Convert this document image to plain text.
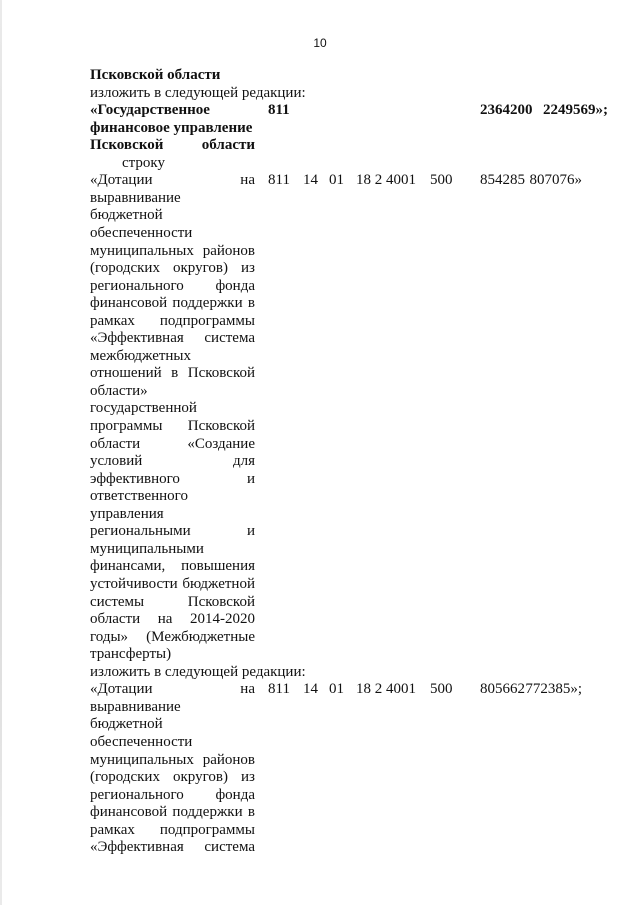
10
Псковской области
изложить в следующей редакции:
811	2364200 2249569»;
«Государственное
финансовое управление
Псковской области
строку
811 14 01 18 2 4001 500 854285 807076»
«Дотации на
выравнивание
бюджетной
обеспеченности
муниципальных районов
(городских округов) из
регионального фонда
финансовой поддержки в
рамках подпрограммы
«Эффективная система
межбюджетных
отношений в Псковской
области»
государственной
программы Псковской
области «Создание
условий для
эффективного и
ответственного
управления
региональными и
муниципальными
финансами, повышения
устойчивости бюджетной
системы Псковской
области на 2014-2020
годы» (Межбюджетные
трансферты)
изложить в следующей редакции:
811 14 01 18 2 4001 500 805662 772385»;
«Дотации на
выравнивание
бюджетной
обеспеченности
муниципальных районов
(городских округов) из
регионального фонда
финансовой поддержки в
рамках подпрограммы
«Эффективная система
